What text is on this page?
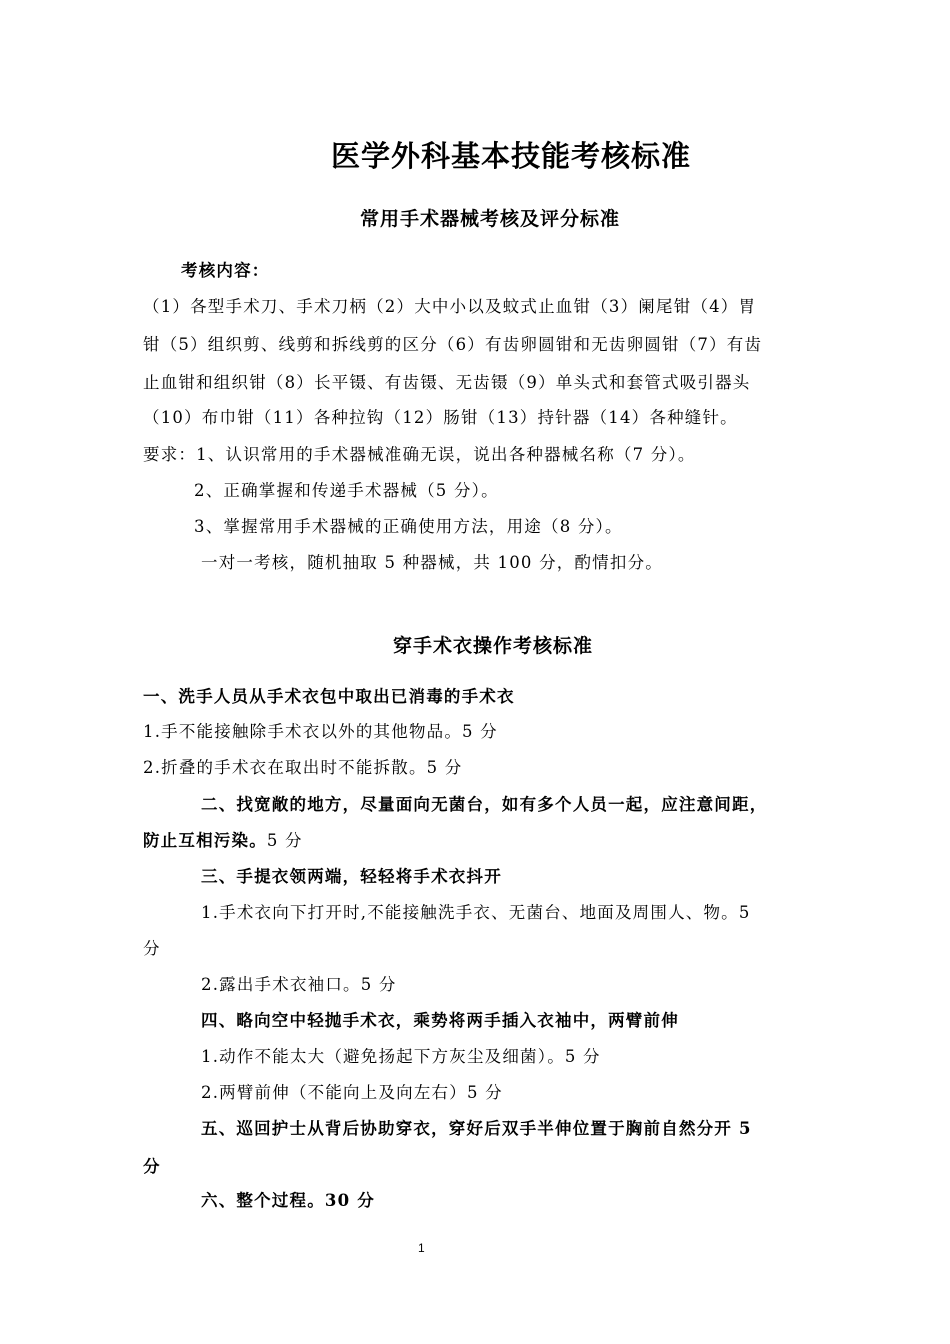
医学外科基本技能考核标准
常用手术器械考核及评分标准
考核内容：
（1）各型手术刀、手术刀柄（2）大中小以及蚊式止血钳（3）阑尾钳（4）胃
钳（5）组织剪、线剪和拆线剪的区分（6）有齿卵圆钳和无齿卵圆钳（7）有齿
止血钳和组织钳（8）长平镊、有齿镊、无齿镊（9）单头式和套管式吸引器头
（10）布巾钳（11）各种拉钩（12）肠钳（13）持针器（14）各种缝针。
要求：1、认识常用的手术器械准确无误，说出各种器械名称（7 分）。
2、正确掌握和传递手术器械（5 分）。
3、掌握常用手术器械的正确使用方法，用途（8 分）。
一对一考核，随机抽取 5 种器械，共 100 分，酌情扣分。
穿手术衣操作考核标准
一、洗手人员从手术衣包中取出已消毒的手术衣
1.手不能接触除手术衣以外的其他物品。5 分
2.折叠的手术衣在取出时不能拆散。5 分
二、找宽敞的地方，尽量面向无菌台，如有多个人员一起，应注意间距，
防止互相污染。5 分
三、手提衣领两端，轻轻将手术衣抖开
1.手术衣向下打开时,不能接触洗手衣、无菌台、地面及周围人、物。5
分
2.露出手术衣袖口。5 分
四、略向空中轻抛手术衣，乘势将两手插入衣袖中，两臂前伸
1.动作不能太大（避免扬起下方灰尘及细菌）。5 分
2.两臂前伸（不能向上及向左右）5 分
五、巡回护士从背后协助穿衣，穿好后双手半伸位置于胸前自然分开 5
分
六、整个过程。30 分
1
